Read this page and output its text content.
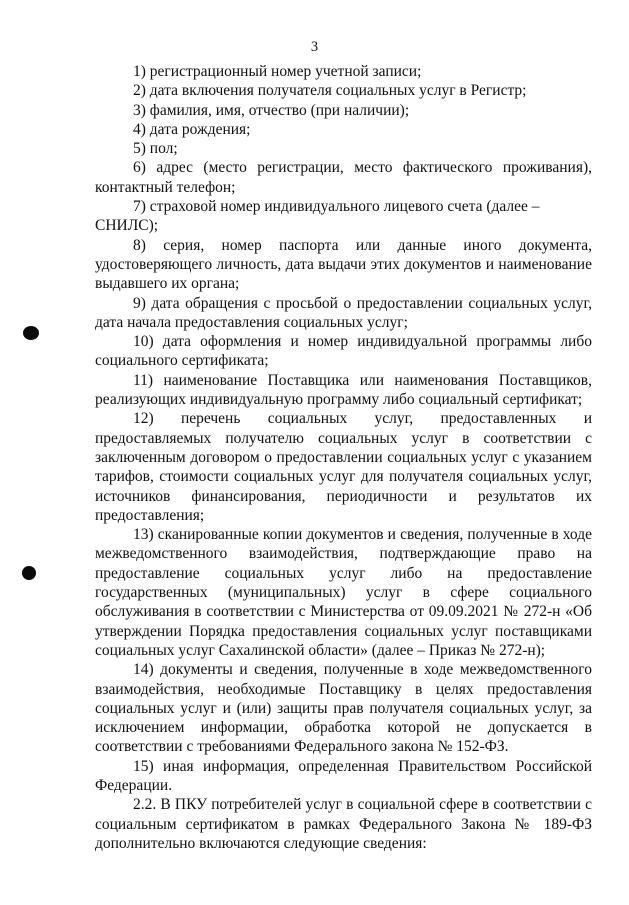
3

1) регистрационный номер учетной записи;

2) дата включения получателя социальных услуг в Регистр;

3) фамилия, имя, отчество (при наличии);

4) дата рождения;

5) пол;

6) адрес (место регистрации, место фактического проживания), контактный телефон;

7) страховой номер индивидуального лицевого счета (далее – СНИЛС);

8) серия, номер паспорта или данные иного документа, удостоверяющего личность, дата выдачи этих документов и наименование выдавшего их органа;

9) дата обращения с просьбой о предоставлении социальных услуг, дата начала предоставления социальных услуг;

10) дата оформления и номер индивидуальной программы либо социального сертификата;

11) наименование Поставщика или наименования Поставщиков, реализующих индивидуальную программу либо социальный сертификат;

12) перечень социальных услуг, предоставленных и предоставляемых получателю социальных услуг в соответствии с заключенным договором о предоставлении социальных услуг с указанием тарифов, стоимости социальных услуг для получателя социальных услуг, источников финансирования, периодичности и результатов их предоставления;

13) сканированные копии документов и сведения, полученные в ходе межведомственного взаимодействия, подтверждающие право на предоставление социальных услуг либо на предоставление государственных (муниципальных) услуг в сфере социального обслуживания в соответствии с Министерства от 09.09.2021 № 272-н «Об утверждении Порядка предоставления социальных услуг поставщиками социальных услуг Сахалинской области» (далее – Приказ № 272-н);

14) документы и сведения, полученные в ходе межведомственного взаимодействия, необходимые Поставщику в целях предоставления социальных услуг и (или) защиты прав получателя социальных услуг, за исключением информации, обработка которой не допускается в соответствии с требованиями Федерального закона № 152-ФЗ.

15) иная информация, определенная Правительством Российской Федерации.

2.2. В ПКУ потребителей услуг в социальной сфере в соответствии с социальным сертификатом в рамках Федерального Закона № 189-ФЗ дополнительно включаются следующие сведения:
